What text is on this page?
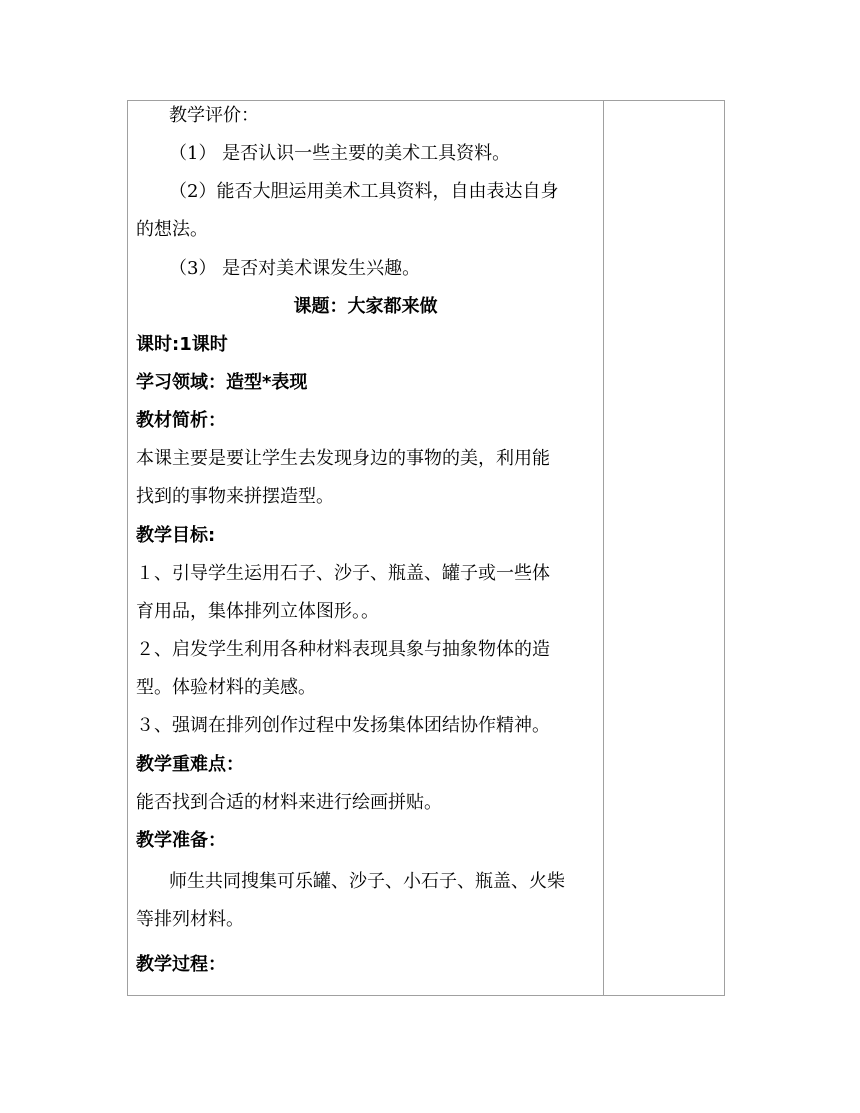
教学评价：
（1） 是否认识一些主要的美术工具资料。
（2）能否大胆运用美术工具资料，自由表达自身
的想法。
（3） 是否对美术课发生兴趣。
课题：大家都来做
课时:1课时
学习领域：造型*表现
教材简析：
本课主要是要让学生去发现身边的事物的美，利用能
找到的事物来拼摆造型。
教学目标:
１、引导学生运用石子、沙子、瓶盖、罐子或一些体
育用品，集体排列立体图形。。
２、启发学生利用各种材料表现具象与抽象物体的造
型。体验材料的美感。
３、强调在排列创作过程中发扬集体团结协作精神。
教学重难点：
能否找到合适的材料来进行绘画拼贴。
教学准备：
师生共同搜集可乐罐、沙子、小石子、瓶盖、火柴
等排列材料。
教学过程：
